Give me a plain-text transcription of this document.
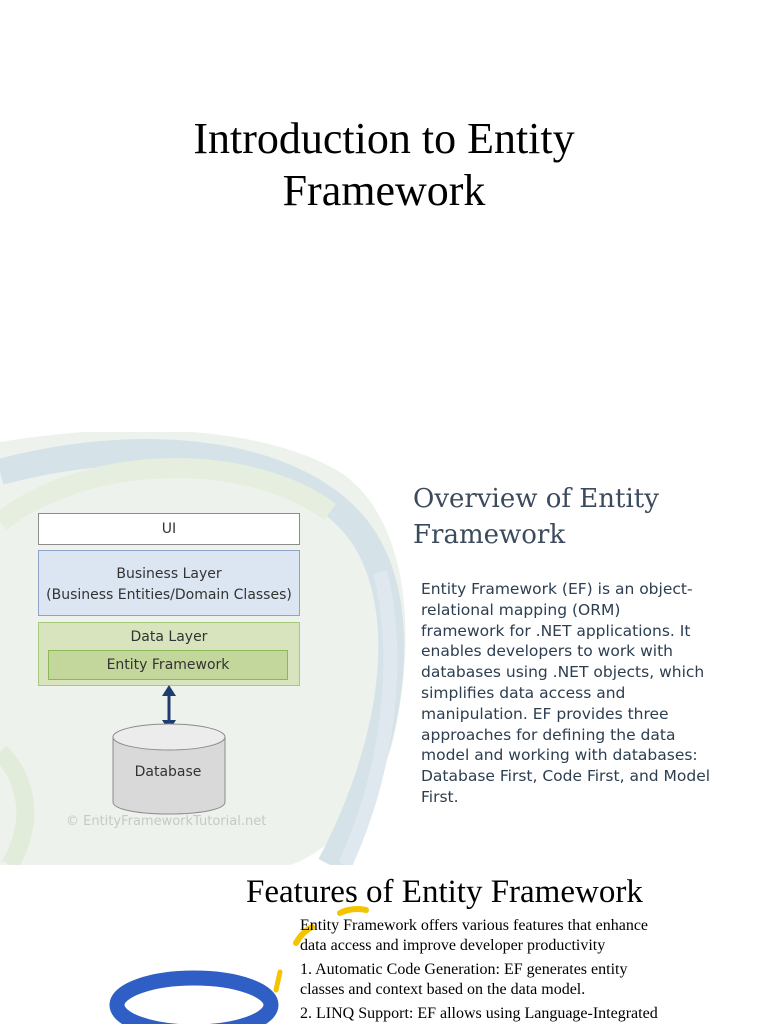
Introduction to Entity
Framework
UI
Business Layer
(Business Entities/Domain Classes)
Data Layer
Entity Framework
Database
© EntityFrameworkTutorial.net
Overview of Entity
Framework
Entity Framework (EF) is an object-
relational mapping (ORM)
framework for .NET applications. It
enables developers to work with
databases using .NET objects, which
simplifies data access and
manipulation. EF provides three
approaches for defining the data
model and working with databases:
Database First, Code First, and Model
First.
Features of Entity Framework

Entity Framework offers various features that enhance

data access and improve developer productivity

1. Automatic Code Generation: EF generates entity

classes and context based on the data model.

2. LINQ Support: EF allows using Language-Integrated
